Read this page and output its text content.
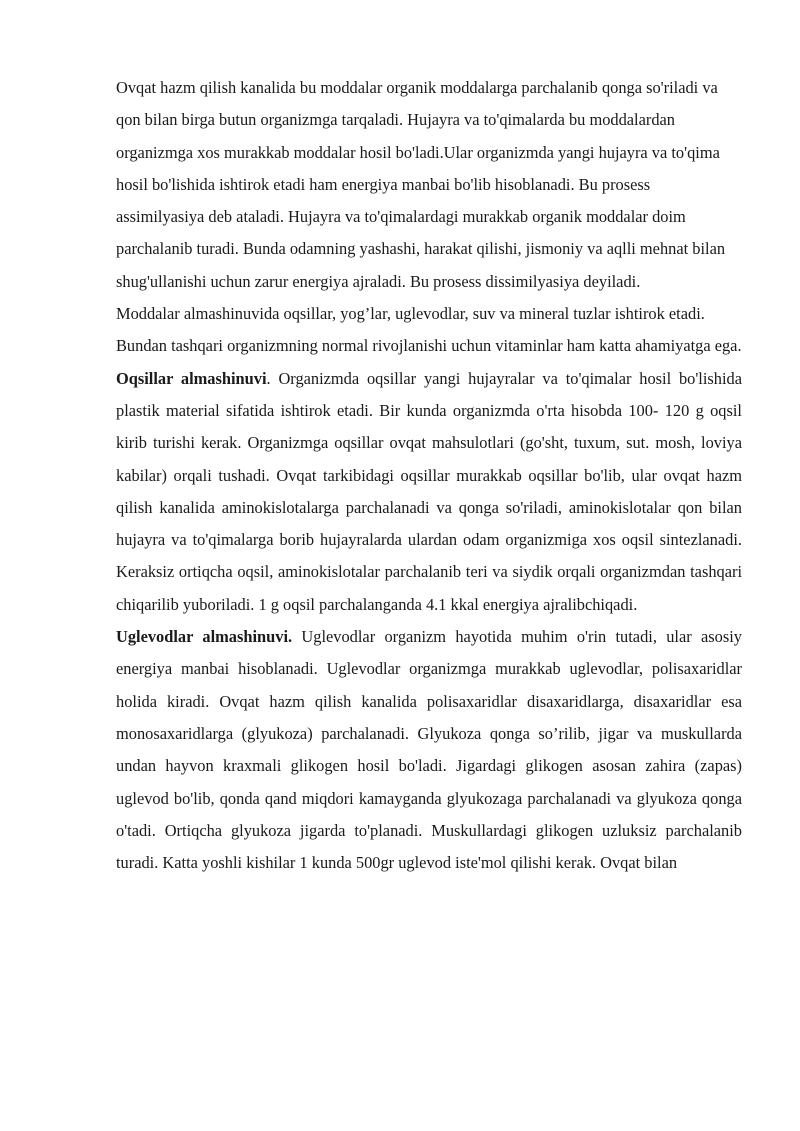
Ovqat hazm qilish kanalida bu moddalar organik moddalarga parchalanib qonga so'riladi va qon bilan birga butun organizmga tarqaladi. Hujayra va to'qimalarda bu moddalardan organizmga xos murakkab moddalar hosil bo'ladi.Ular organizmda yangi hujayra va to'qima hosil bo'lishida ishtirok etadi ham energiya manbai bo'lib hisoblanadi. Bu prosess assimilyasiya deb ataladi. Hujayra va to'qimalardagi murakkab organik moddalar doim parchalanib turadi. Bunda odamning yashashi, harakat qilishi, jismoniy va aqlli mehnat bilan shug'ullanishi uchun zarur energiya ajraladi. Bu prosess dissimilyasiya deyiladi.

Moddalar almashinuvida oqsillar, yog’lar, uglevodlar, suv va mineral tuzlar ishtirok etadi. Bundan tashqari organizmning normal rivojlanishi uchun vitaminlar ham katta ahamiyatga ega.

Oqsillar almashinuvi. Organizmda oqsillar yangi hujayralar va to'qimalar hosil bo'lishida plastik material sifatida ishtirok etadi. Bir kunda organizmda o'rta hisobda 100- 120 g oqsil kirib turishi kerak. Organizmga oqsillar ovqat mahsulotlari (go'sht, tuxum, sut. mosh, loviya kabilar) orqali tushadi. Ovqat tarkibidagi oqsillar murakkab oqsillar bo'lib, ular ovqat hazm qilish kanalida aminokislotalarga parchalanadi va qonga so'riladi, aminokislotalar qon bilan hujayra va to'qimalarga borib hujayralarda ulardan odam organizmiga xos oqsil sintezlanadi. Keraksiz ortiqcha oqsil, aminokislotalar parchalanib teri va siydik orqali organizmdan tashqari chiqarilib yuboriladi. 1 g oqsil parchalanganda 4.1 kkal energiya ajralibchiqadi.

Uglevodlar almashinuvi. Uglevodlar organizm hayotida muhim o'rin tutadi, ular asosiy energiya manbai hisoblanadi. Uglevodlar organizmga murakkab uglevodlar, polisaxaridlar holida kiradi. Ovqat hazm qilish kanalida polisaxaridlar disaxaridlarga, disaxaridlar esa monosaxaridlarga (glyukoza) parchalanadi. Glyukoza qonga so’rilib, jigar va muskullarda undan hayvon kraxmali glikogen hosil bo'ladi. Jigardagi glikogen asosan zahira (zapas) uglevod bo'lib, qonda qand miqdori kamayganda glyukozaga parchalanadi va glyukoza qonga o'tadi. Ortiqcha glyukoza jigarda to'planadi. Muskullardagi glikogen uzluksiz parchalanib turadi. Katta yoshli kishilar 1 kunda 500gr uglevod iste'mol qilishi kerak. Ovqat bilan
